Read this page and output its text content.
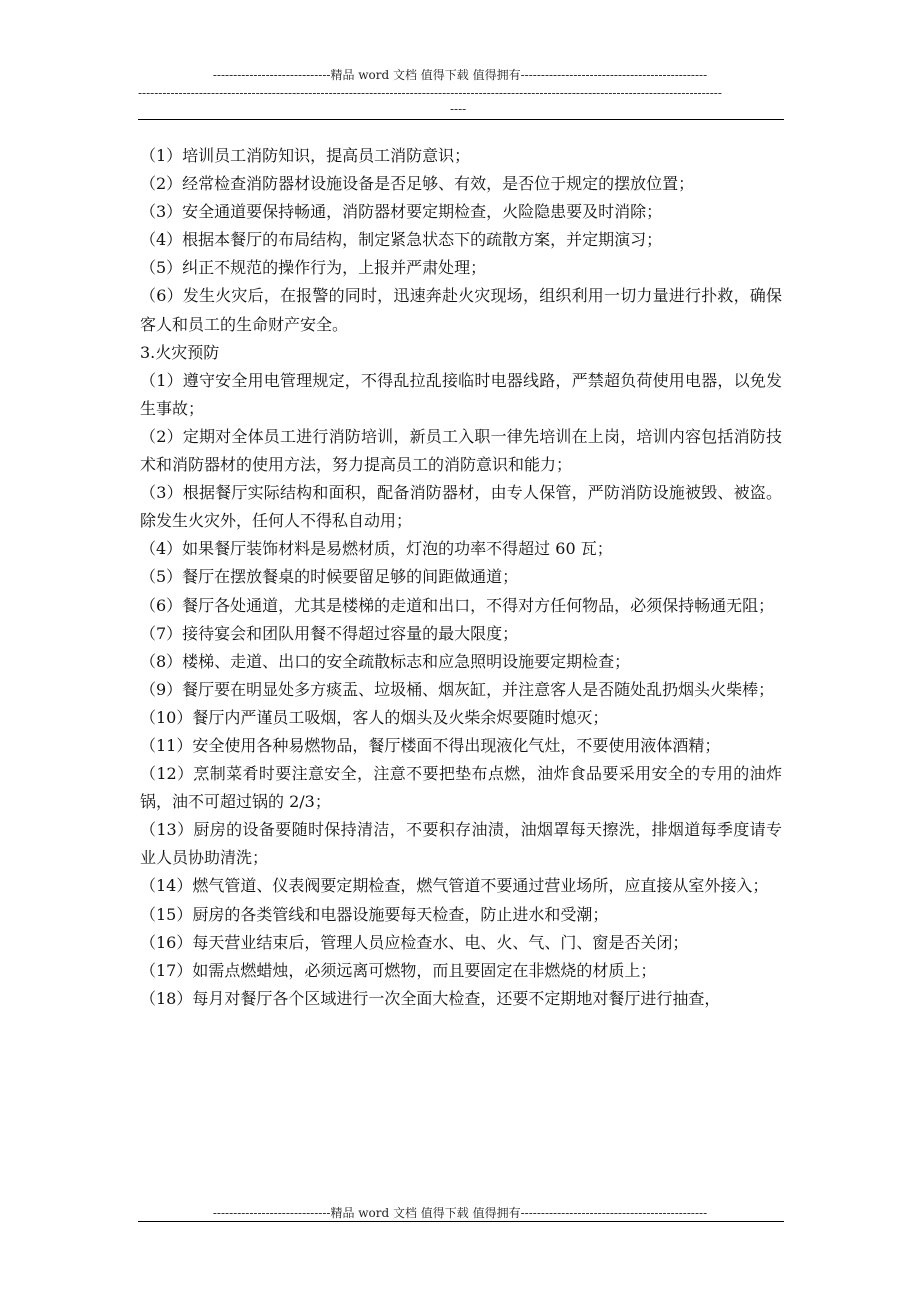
-----------------------------精品 word 文档 值得下载 值得拥有----------------------------------------------
------------------------------------------------------------------------------------------------------------------------------------------------
----

（1）培训员工消防知识，提高员工消防意识；

（2）经常检查消防器材设施设备是否足够、有效，是否位于规定的摆放位置；

（3）安全通道要保持畅通，消防器材要定期检查，火险隐患要及时消除；

（4）根据本餐厅的布局结构，制定紧急状态下的疏散方案，并定期演习；

（5）纠正不规范的操作行为，上报并严肃处理；

（6）发生火灾后，在报警的同时，迅速奔赴火灾现场，组织利用一切力量进行扑救，确保客人和员工的生命财产安全。

3.火灾预防

（1）遵守安全用电管理规定，不得乱拉乱接临时电器线路，严禁超负荷使用电器，以免发生事故；

（2）定期对全体员工进行消防培训，新员工入职一律先培训在上岗，培训内容包括消防技术和消防器材的使用方法，努力提高员工的消防意识和能力；

（3）根据餐厅实际结构和面积，配备消防器材，由专人保管，严防消防设施被毁、被盗。除发生火灾外，任何人不得私自动用；

（4）如果餐厅装饰材料是易燃材质，灯泡的功率不得超过 60 瓦；

（5）餐厅在摆放餐桌的时候要留足够的间距做通道；

（6）餐厅各处通道，尤其是楼梯的走道和出口，不得对方任何物品，必须保持畅通无阻；

（7）接待宴会和团队用餐不得超过容量的最大限度；

（8）楼梯、走道、出口的安全疏散标志和应急照明设施要定期检查；

（9）餐厅要在明显处多方痰盂、垃圾桶、烟灰缸，并注意客人是否随处乱扔烟头火柴棒；

（10）餐厅内严谨员工吸烟，客人的烟头及火柴余烬要随时熄灭；

（11）安全使用各种易燃物品，餐厅楼面不得出现液化气灶，不要使用液体酒精；

（12）烹制菜肴时要注意安全，注意不要把垫布点燃，油炸食品要采用安全的专用的油炸锅，油不可超过锅的 2/3；

（13）厨房的设备要随时保持清洁，不要积存油渍，油烟罩每天擦洗，排烟道每季度请专业人员协助清洗；

（14）燃气管道、仪表阀要定期检查，燃气管道不要通过营业场所，应直接从室外接入；

（15）厨房的各类管线和电器设施要每天检查，防止进水和受潮；

（16）每天营业结束后，管理人员应检查水、电、火、气、门、窗是否关闭；

（17）如需点燃蜡烛，必须远离可燃物，而且要固定在非燃烧的材质上；

（18）每月对餐厅各个区域进行一次全面大检查，还要不定期地对餐厅进行抽查，

-----------------------------精品 word 文档 值得下载 值得拥有----------------------------------------------
